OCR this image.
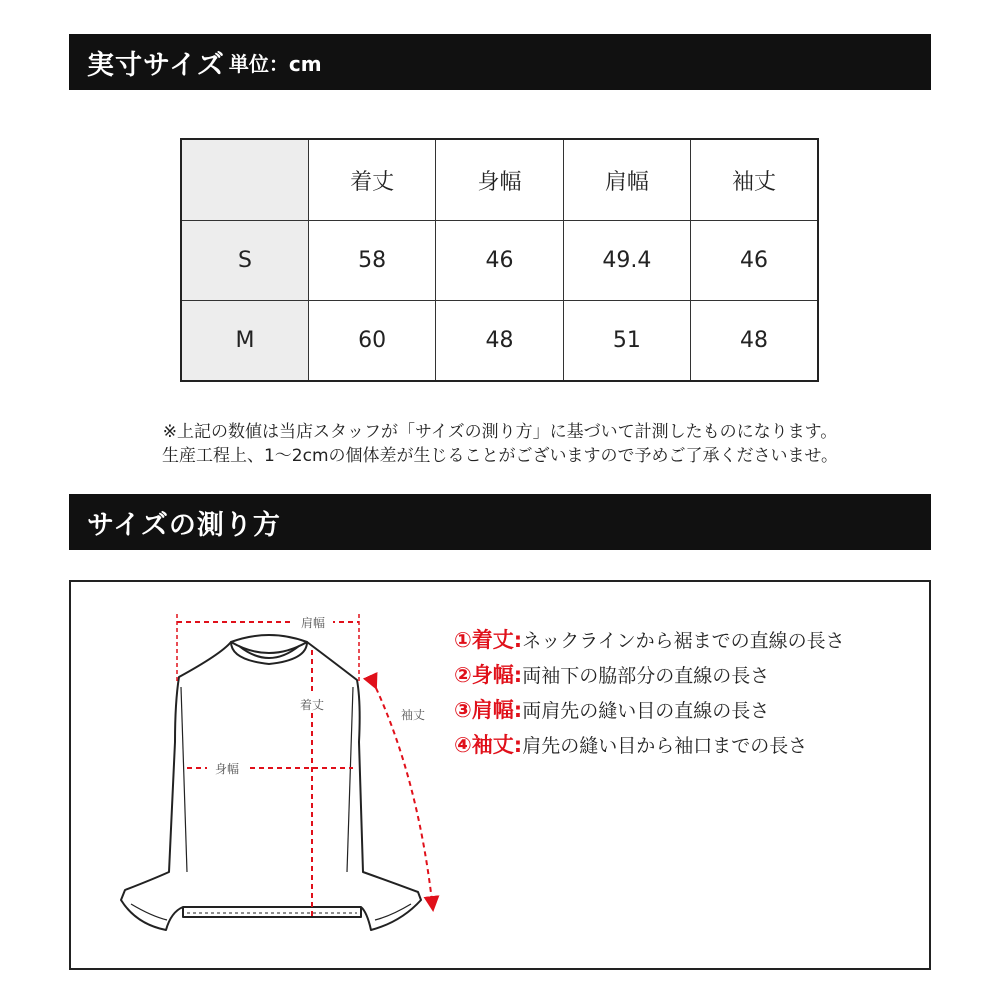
実寸サイズ 単位：cm
	着丈	身幅	肩幅	袖丈
S	58	46	49.4	46
M	60	48	51	48
※上記の数値は当店スタッフが「サイズの測り方」に基づいて計測したものになります。
生産工程上、1〜2cmの個体差が生じることがございますので予めご了承くださいませ。
サイズの測り方
肩幅
着丈
身幅
袖丈
①着丈: ネックラインから裾までの直線の長さ
②身幅: 両袖下の脇部分の直線の長さ
③肩幅: 両肩先の縫い目の直線の長さ
④袖丈: 肩先の縫い目から袖口までの長さ
